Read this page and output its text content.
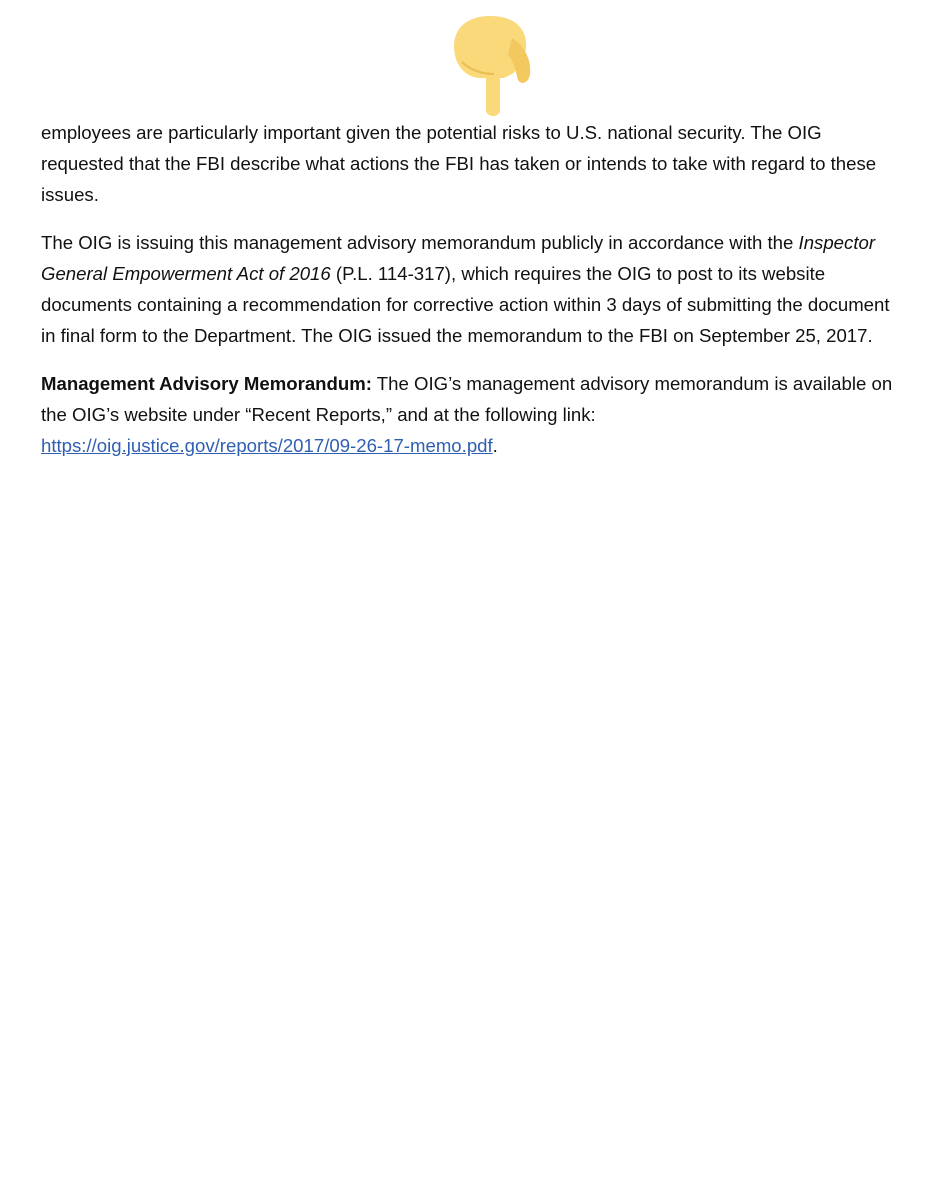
employees are particularly important given the potential risks to U.S. national security. The OIG requested that the FBI describe what actions the FBI has taken or intends to take with regard to these issues.

The OIG is issuing this management advisory memorandum publicly in accordance with the Inspector General Empowerment Act of 2016 (P.L. 114-317), which requires the OIG to post to its website documents containing a recommendation for corrective action within 3 days of submitting the document in final form to the Department. The OIG issued the memorandum to the FBI on September 25, 2017.

Management Advisory Memorandum: The OIG’s management advisory memorandum is available on the OIG’s website under “Recent Reports,” and at the following link: https://oig.justice.gov/reports/2017/09-26-17-memo.pdf.
